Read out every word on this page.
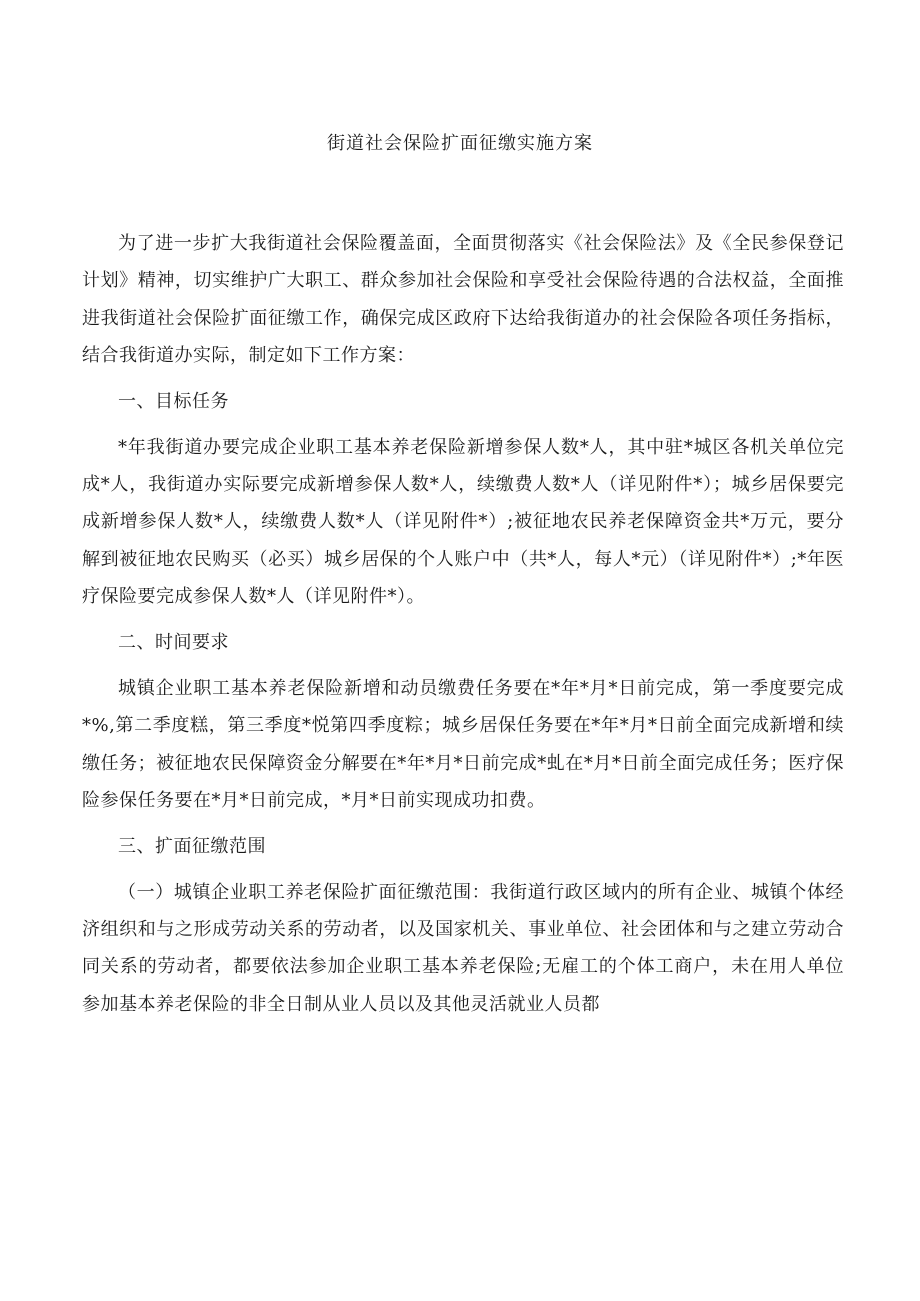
街道社会保险扩面征缴实施方案

为了进一步扩大我街道社会保险覆盖面，全面贯彻落实《社会保险法》及《全民参保登记计划》精神，切实维护广大职工、群众参加社会保险和享受社会保险待遇的合法权益，全面推进我街道社会保险扩面征缴工作，确保完成区政府下达给我街道办的社会保险各项任务指标，结合我街道办实际，制定如下工作方案：

一、目标任务

*年我街道办要完成企业职工基本养老保险新增参保人数*人，其中驻*城区各机关单位完成*人，我街道办实际要完成新增参保人数*人，续缴费人数*人（详见附件*）；城乡居保要完成新增参保人数*人，续缴费人数*人（详见附件*）;被征地农民养老保障资金共*万元，要分解到被征地农民购买（必买）城乡居保的个人账户中（共*人，每人*元）（详见附件*）;*年医疗保险要完成参保人数*人（详见附件*）。

二、时间要求

城镇企业职工基本养老保险新增和动员缴费任务要在*年*月*日前完成，第一季度要完成*%,第二季度糕，第三季度*悦第四季度粽；城乡居保任务要在*年*月*日前全面完成新增和续缴任务；被征地农民保障资金分解要在*年*月*日前完成*虬在*月*日前全面完成任务；医疗保险参保任务要在*月*日前完成，*月*日前实现成功扣费。

三、扩面征缴范围

（一）城镇企业职工养老保险扩面征缴范围：我街道行政区域内的所有企业、城镇个体经济组织和与之形成劳动关系的劳动者，以及国家机关、事业单位、社会团体和与之建立劳动合同关系的劳动者，都要依法参加企业职工基本养老保险;无雇工的个体工商户，未在用人单位参加基本养老保险的非全日制从业人员以及其他灵活就业人员都
